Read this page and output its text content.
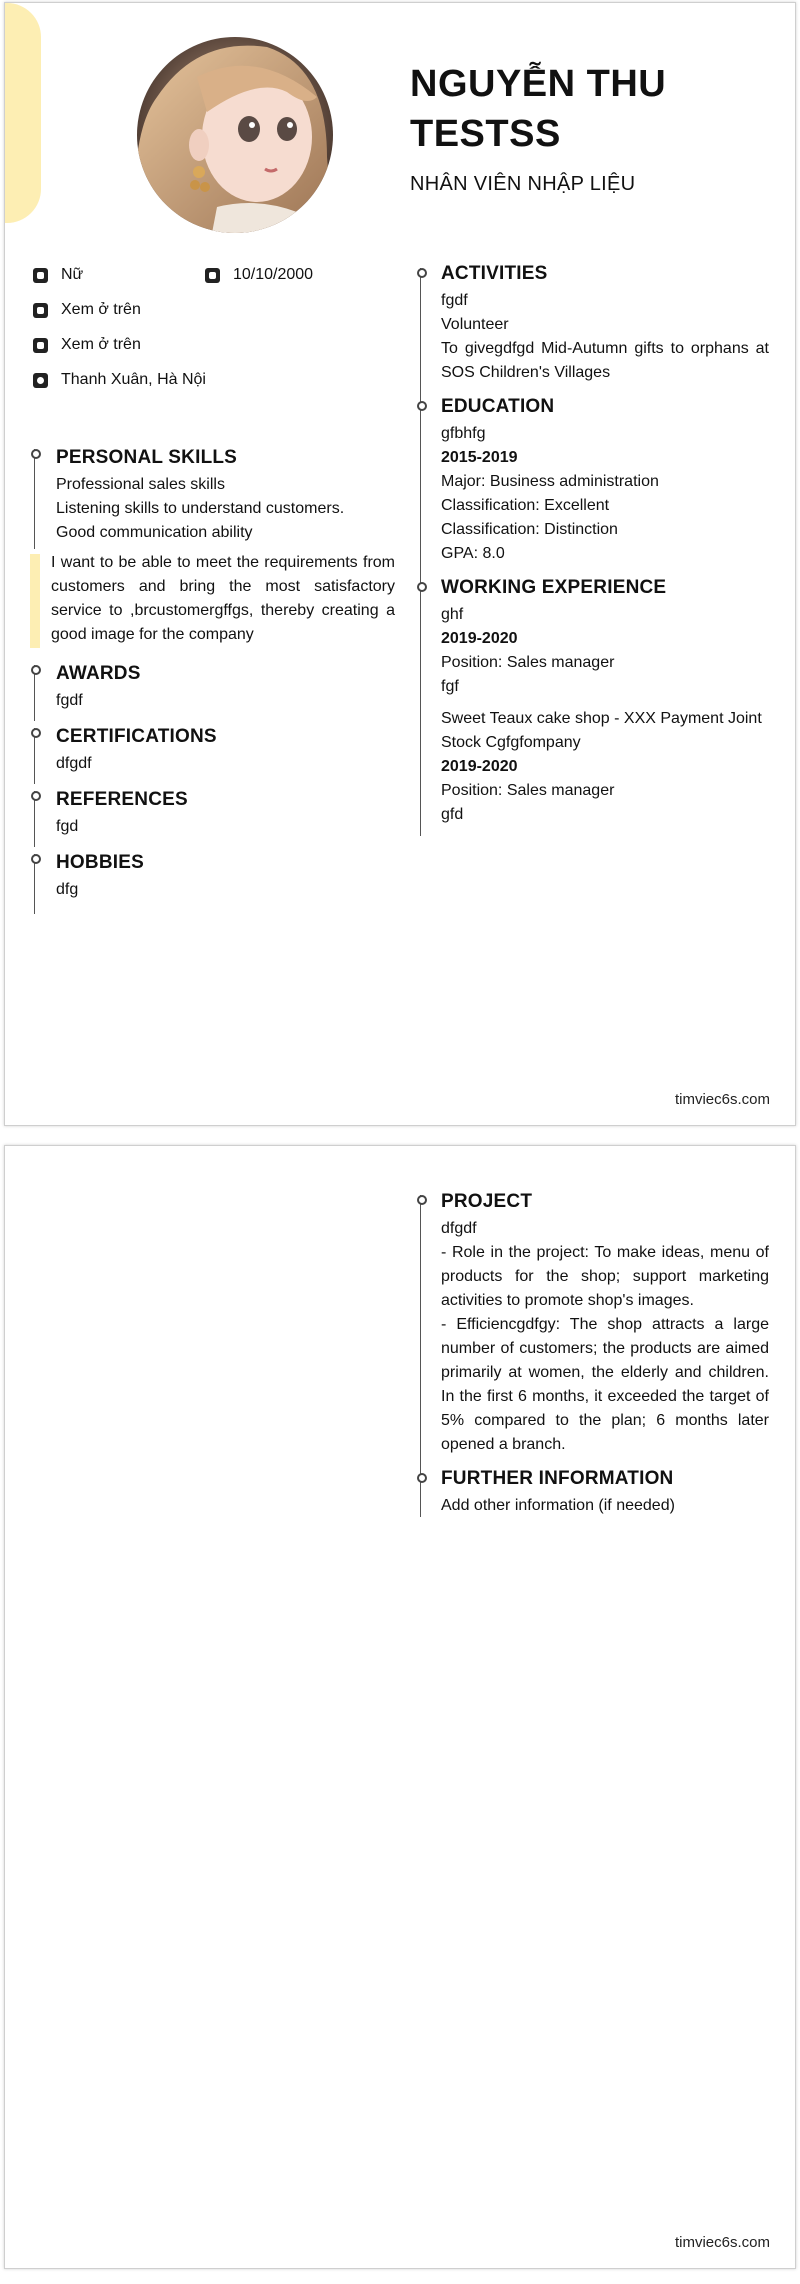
NGUYỄN THU TESTSS
NHÂN VIÊN NHẬP LIỆU
Nữ	10/10/2000
Xem ở trên
Xem ở trên
Thanh Xuân, Hà Nội
PERSONAL SKILLS
Professional sales skills
Listening skills to understand customers.
Good communication ability
I want to be able to meet the requirements from customers and bring the most satisfactory service to ,brcustomergffgs, thereby creating a good image for the company
AWARDS
fgdf
CERTIFICATIONS
dfgdf
REFERENCES
fgd
HOBBIES
dfg
ACTIVITIES
fgdf
Volunteer
To givegdfgd Mid-Autumn gifts to orphans at SOS Children's Villages
EDUCATION
gfbhfg
2015-2019
Major: Business administration
Classification: Excellent
Classification: Distinction
GPA: 8.0
WORKING EXPERIENCE
ghf
2019-2020
Position: Sales manager
fgf
Sweet Teaux cake shop - XXX Payment Joint Stock Cgfgfompany
2019-2020
Position: Sales manager
gfd
timviec6s.com
PROJECT
dfgdf
- Role in the project: To make ideas, menu of products for the shop; support marketing activities to promote shop's images.
- Efficiencgdfgy: The shop attracts a large number of customers; the products are aimed primarily at women, the elderly and children. In the first 6 months, it exceeded the target of 5% compared to the plan; 6 months later opened a branch.
FURTHER INFORMATION
Add other information (if needed)
timviec6s.com
